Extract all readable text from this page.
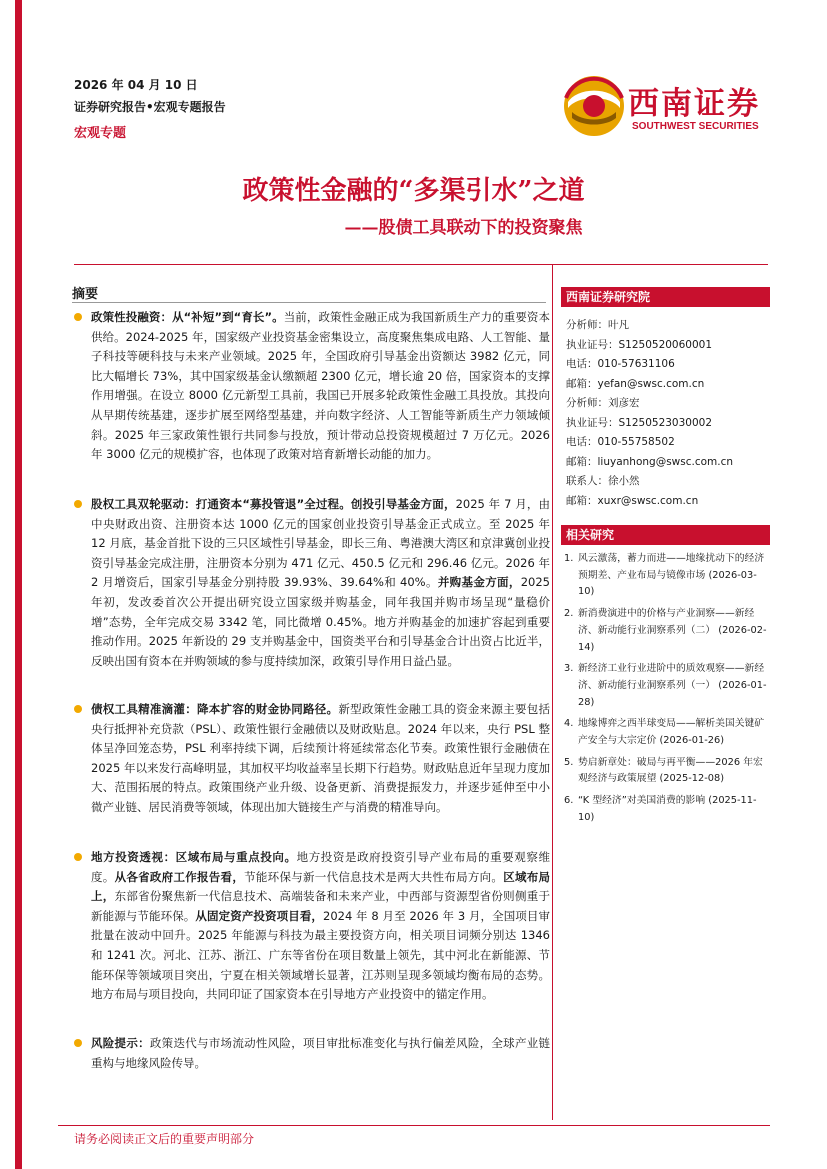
2026 年 04 月 10 日
证券研究报告•宏观专题报告
宏观专题
西南证券
SOUTHWEST SECURITIES
政策性金融的“多渠引水”之道
——股债工具联动下的投资聚焦
摘要
政策性投融资：从“补短”到“育长”。当前，政策性金融正成为我国新质生产力的重要资本供给。2024-2025 年，国家级产业投资基金密集设立，高度聚焦集成电路、人工智能、量子科技等硬科技与未来产业领域。2025 年，全国政府引导基金出资额达 3982 亿元，同比大幅增长 73%，其中国家级基金认缴额超 2300 亿元，增长逾 20 倍，国家资本的支撑作用增强。在设立 8000 亿元新型工具前，我国已开展多轮政策性金融工具投放。其投向从早期传统基建，逐步扩展至网络型基建，并向数字经济、人工智能等新质生产力领域倾斜。2025 年三家政策性银行共同参与投放，预计带动总投资规模超过 7 万亿元。2026 年 3000 亿元的规模扩容，也体现了政策对培育新增长动能的加力。
股权工具双轮驱动：打通资本“募投管退”全过程。创投引导基金方面，2025 年 7 月，由中央财政出资、注册资本达 1000 亿元的国家创业投资引导基金正式成立。至 2025 年 12 月底，基金首批下设的三只区域性引导基金，即长三角、粤港澳大湾区和京津冀创业投资引导基金完成注册，注册资本分别为 471 亿元、450.5 亿元和 296.46 亿元。2026 年 2 月增资后，国家引导基金分别持股 39.93%、39.64%和 40%。并购基金方面，2025 年初，发改委首次公开提出研究设立国家级并购基金，同年我国并购市场呈现“量稳价增”态势，全年完成交易 3342 笔，同比微增 0.45%。地方并购基金的加速扩容起到重要推动作用。2025 年新设的 29 支并购基金中，国资类平台和引导基金合计出资占比近半，反映出国有资本在并购领域的参与度持续加深，政策引导作用日益凸显。
债权工具精准滴灌：降本扩容的财金协同路径。新型政策性金融工具的资金来源主要包括央行抵押补充贷款（PSL）、政策性银行金融债以及财政贴息。2024 年以来，央行 PSL 整体呈净回笼态势，PSL 利率持续下调，后续预计将延续常态化节奏。政策性银行金融债在 2025 年以来发行高峰明显，其加权平均收益率呈长期下行趋势。财政贴息近年呈现力度加大、范围拓展的特点。政策围绕产业升级、设备更新、消费提振发力，并逐步延伸至中小微产业链、居民消费等领域，体现出加大链接生产与消费的精准导向。
地方投资透视：区域布局与重点投向。地方投资是政府投资引导产业布局的重要观察维度。从各省政府工作报告看，节能环保与新一代信息技术是两大共性布局方向。区域布局上，东部省份聚焦新一代信息技术、高端装备和未来产业，中西部与资源型省份则侧重于新能源与节能环保。从固定资产投资项目看，2024 年 8 月至 2026 年 3 月，全国项目审批量在波动中回升。2025 年能源与科技为最主要投资方向，相关项目词频分别达 1346 和 1241 次。河北、江苏、浙江、广东等省份在项目数量上领先，其中河北在新能源、节能环保等领域项目突出，宁夏在相关领域增长显著，江苏则呈现多领域均衡布局的态势。地方布局与项目投向，共同印证了国家资本在引导地方产业投资中的锚定作用。
风险提示：政策迭代与市场流动性风险，项目审批标准变化与执行偏差风险，全球产业链重构与地缘风险传导。
西南证券研究院
分析师：叶凡
执业证号：S1250520060001
电话：010-57631106
邮箱：yefan@swsc.com.cn
分析师：刘彦宏
执业证号：S1250523030002
电话：010-55758502
邮箱：liuyanhong@swsc.com.cn
联系人：徐小然
邮箱：xuxr@swsc.com.cn
相关研究
1. 风云激荡，蓄力而进——地缘扰动下的经济预期差、产业布局与镜像市场 (2026-03-10)
2. 新消费演进中的价格与产业洞察——新经济、新动能行业洞察系列（二） (2026-02-14)
3. 新经济工业行业进阶中的质效观察——新经济、新动能行业洞察系列（一） (2026-01-28)
4. 地缘博弈之西半球变局——解析美国关键矿产安全与大宗定价 (2026-01-26)
5. 势启新章处：破局与再平衡——2026 年宏观经济与政策展望 (2025-12-08)
6. “K 型经济”对美国消费的影响 (2025-11-10)
请务必阅读正文后的重要声明部分
